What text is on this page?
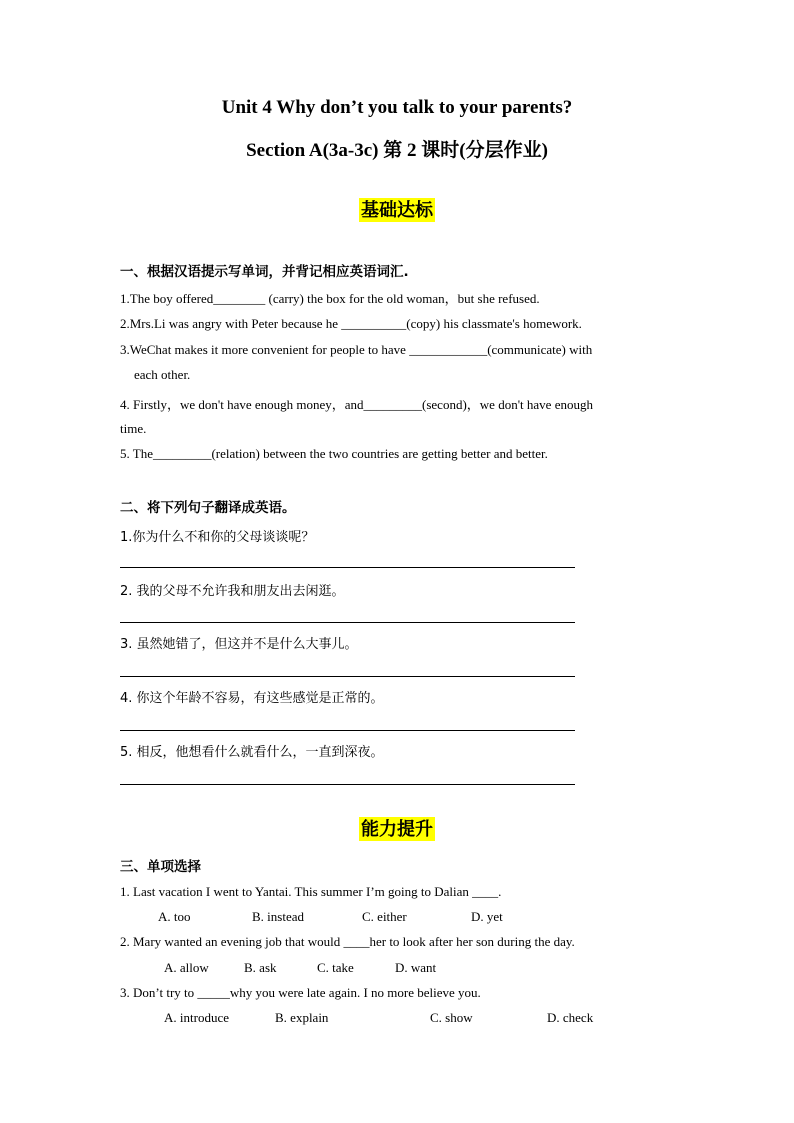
Unit 4 Why don’t you talk to your parents?
Section A(3a-3c) 第 2 课时(分层作业)
基础达标
一、根据汉语提示写单词，并背记相应英语词汇.
1.The boy offered________ (carry) the box for the old woman，but she refused.
2.Mrs.Li was angry with Peter because he __________(copy) his classmate's homework.
3.WeChat makes it more convenient for people to have ____________(communicate) with
each other.
4. Firstly，we don't have enough money，and_________(second)，we don't have enough
time.
5. The_________(relation) between the two countries are getting better and better.
二、将下列句子翻译成英语。
1.你为什么不和你的父母谈谈呢？
2. 我的父母不允许我和朋友出去闲逛。
3. 虽然她错了，但这并不是什么大事儿。
4. 你这个年龄不容易，有这些感觉是正常的。
5. 相反，他想看什么就看什么，一直到深夜。
能力提升
三、单项选择
1. Last vacation I went to Yantai. This summer I’m going to Dalian ____.
A. too	B. instead	C. either	D. yet
2. Mary wanted an evening job that would ____her to look after her son during the day.
A. allow	B. ask	C. take	D. want
3. Don’t try to _____why you were late again. I no more believe you.
A. introduce	B. explain	C. show	D. check
